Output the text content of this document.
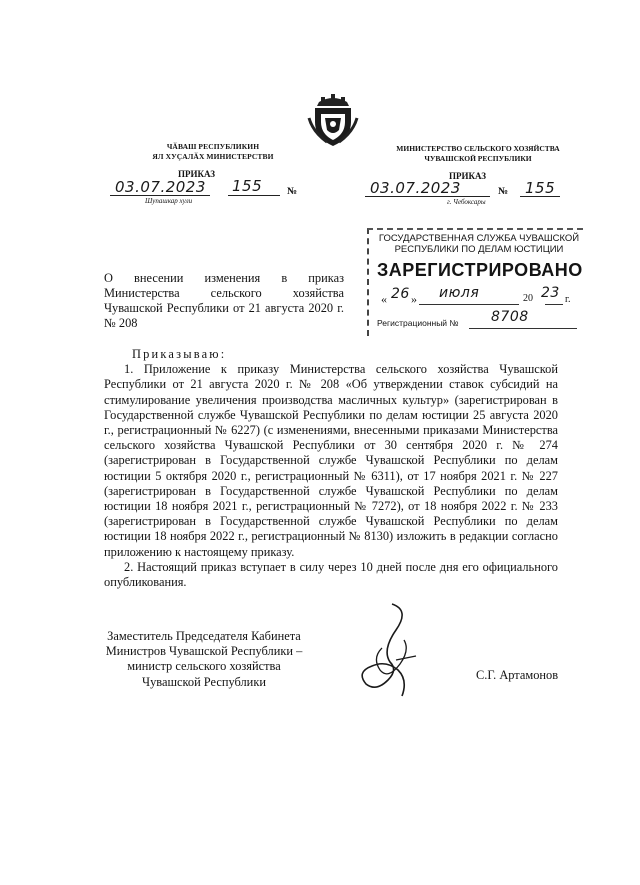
ЧӐВАШ РЕСПУБЛИКИН
ЯЛ ХУҪАЛӐХ МИНИСТЕРСТВИ
МИНИСТЕРСТВО СЕЛЬСКОГО ХОЗЯЙСТВА
ЧУВАШСКОЙ РЕСПУБЛИКИ
ПРИКАЗ	ПРИКАЗ
03.07.2023 155 №
Шупашкар хули
03.07.2023	№ 155
г. Чебоксары
ГОСУДАРСТВЕННАЯ СЛУЖБА ЧУВАШСКОЙ
РЕСПУБЛИКИ ПО ДЕЛАМ ЮСТИЦИИ
ЗАРЕГИСТРИРОВАНО
« 26 » июля	20 23 г.
Регистрационный № 8708
О внесении изменения в приказ Министерства сельского хозяйства Чувашской Республики от 21 августа 2020 г. № 208

Приказываю:

1. Приложение к приказу Министерства сельского хозяйства Чувашской Республики от 21 августа 2020 г. № 208 «Об утверждении ставок субсидий на стимулирование увеличения производства масличных культур» (зарегистрирован в Государственной службе Чувашской Республики по делам юстиции 25 августа 2020 г., регистрационный № 6227) (с изменениями, внесенными приказами Министерства сельского хозяйства Чувашской Республики от 30 сентября 2020 г. № 274 (зарегистрирован в Государственной службе Чувашской Республики по делам юстиции 5 октября 2020 г., регистрационный № 6311), от 17 ноября 2021 г. № 227 (зарегистрирован в Государственной службе Чувашской Республики по делам юстиции 18 ноября 2021 г., регистрационный № 7272), от 18 ноября 2022 г. № 233 (зарегистрирован в Государственной службе Чувашской Республики по делам юстиции 18 ноября 2022 г., регистрационный № 8130) изложить в редакции согласно приложению к настоящему приказу.

2. Настоящий приказ вступает в силу через 10 дней после дня его официального опубликования.

Заместитель Председателя Кабинета
Министров Чувашской Республики –
министр сельского хозяйства
Чувашской Республики	С.Г. Артамонов
